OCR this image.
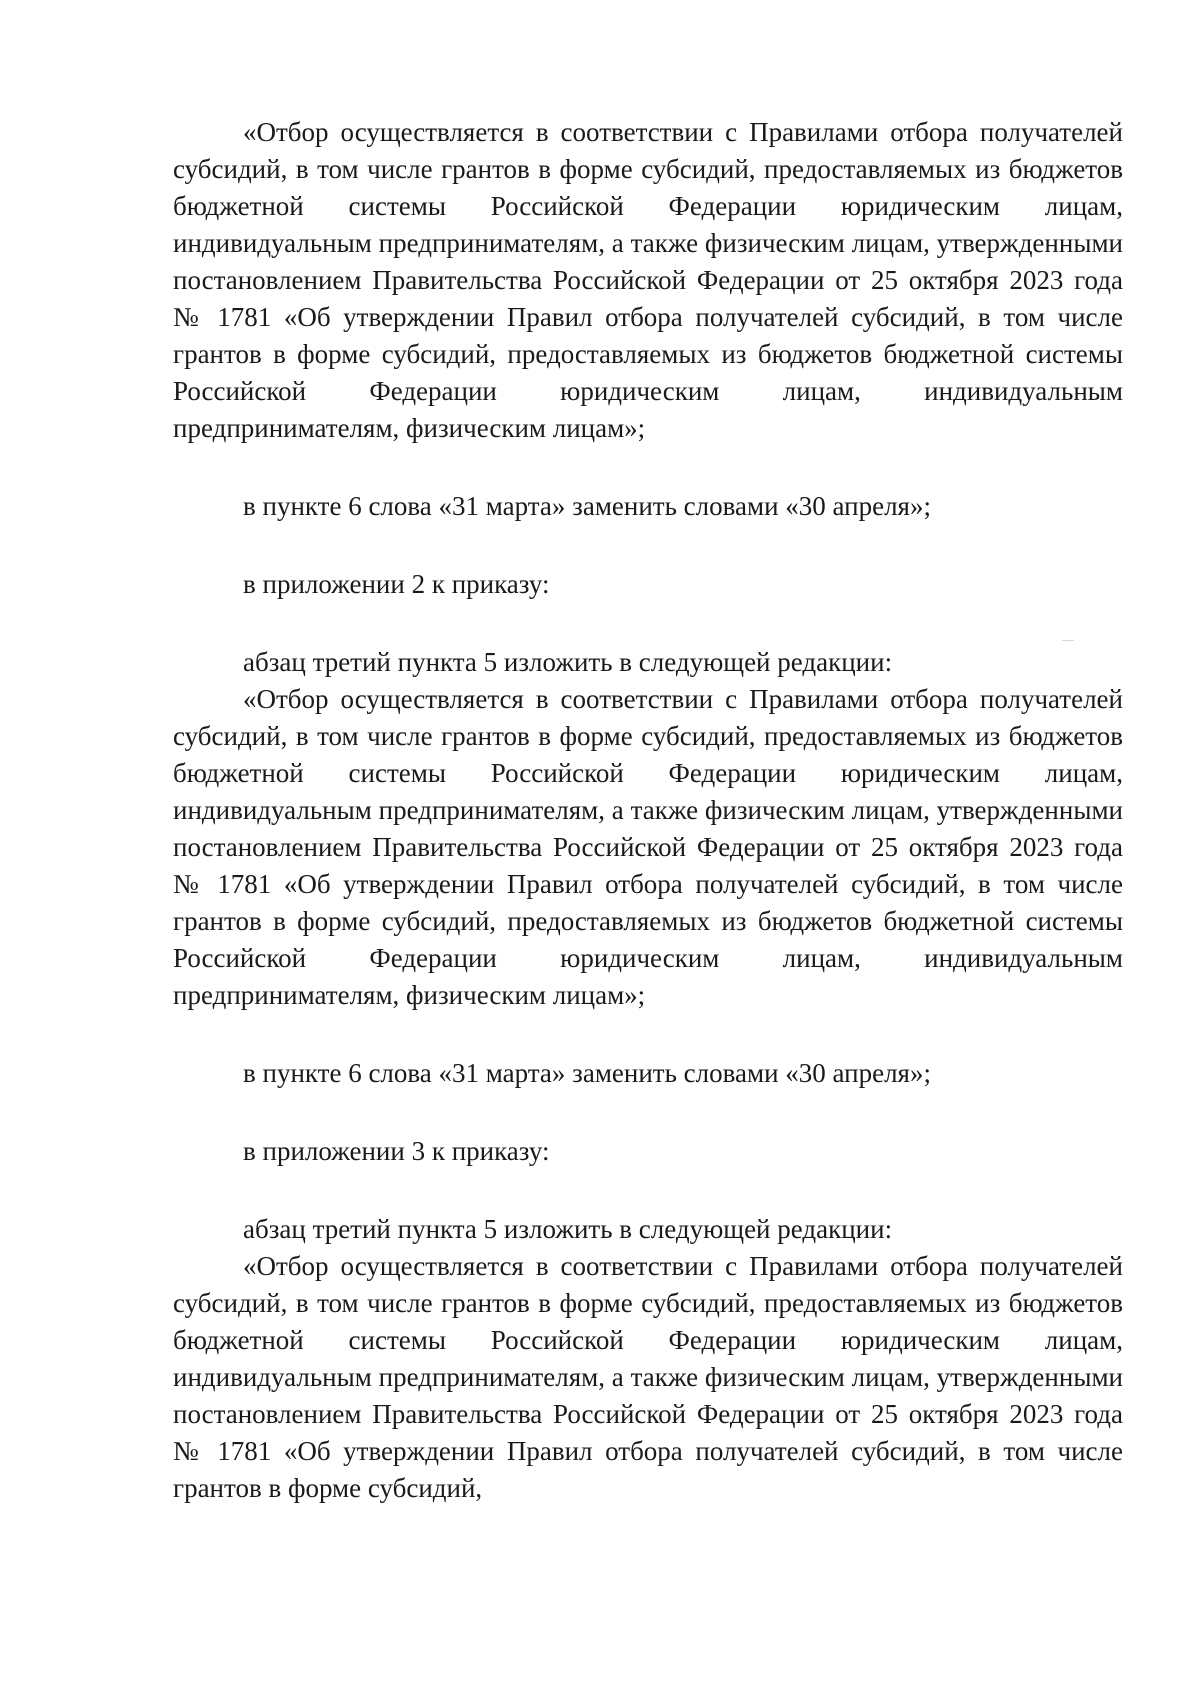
«Отбор осуществляется в соответствии с Правилами отбора получателей субсидий, в том числе грантов в форме субсидий, предоставляемых из бюджетов бюджетной системы Российской Федерации юридическим лицам, индивидуальным предпринимателям, а также физическим лицам, утвержденными постановлением Правительства Российской Федерации от 25 октября 2023 года № 1781 «Об утверждении Правил отбора получателей субсидий, в том числе грантов в форме субсидий, предоставляемых из бюджетов бюджетной системы Российской Федерации юридическим лицам, индивидуальным предпринимателям, физическим лицам»;

в пункте 6 слова «31 марта» заменить словами «30 апреля»;

в приложении 2 к приказу:

абзац третий пункта 5 изложить в следующей редакции:

«Отбор осуществляется в соответствии с Правилами отбора получателей субсидий, в том числе грантов в форме субсидий, предоставляемых из бюджетов бюджетной системы Российской Федерации юридическим лицам, индивидуальным предпринимателям, а также физическим лицам, утвержденными постановлением Правительства Российской Федерации от 25 октября 2023 года № 1781 «Об утверждении Правил отбора получателей субсидий, в том числе грантов в форме субсидий, предоставляемых из бюджетов бюджетной системы Российской Федерации юридическим лицам, индивидуальным предпринимателям, физическим лицам»;

в пункте 6 слова «31 марта» заменить словами «30 апреля»;

в приложении 3 к приказу:

абзац третий пункта 5 изложить в следующей редакции:

«Отбор осуществляется в соответствии с Правилами отбора получателей субсидий, в том числе грантов в форме субсидий, предоставляемых из бюджетов бюджетной системы Российской Федерации юридическим лицам, индивидуальным предпринимателям, а также физическим лицам, утвержденными постановлением Правительства Российской Федерации от 25 октября 2023 года № 1781 «Об утверждении Правил отбора получателей субсидий, в том числе грантов в форме субсидий,
